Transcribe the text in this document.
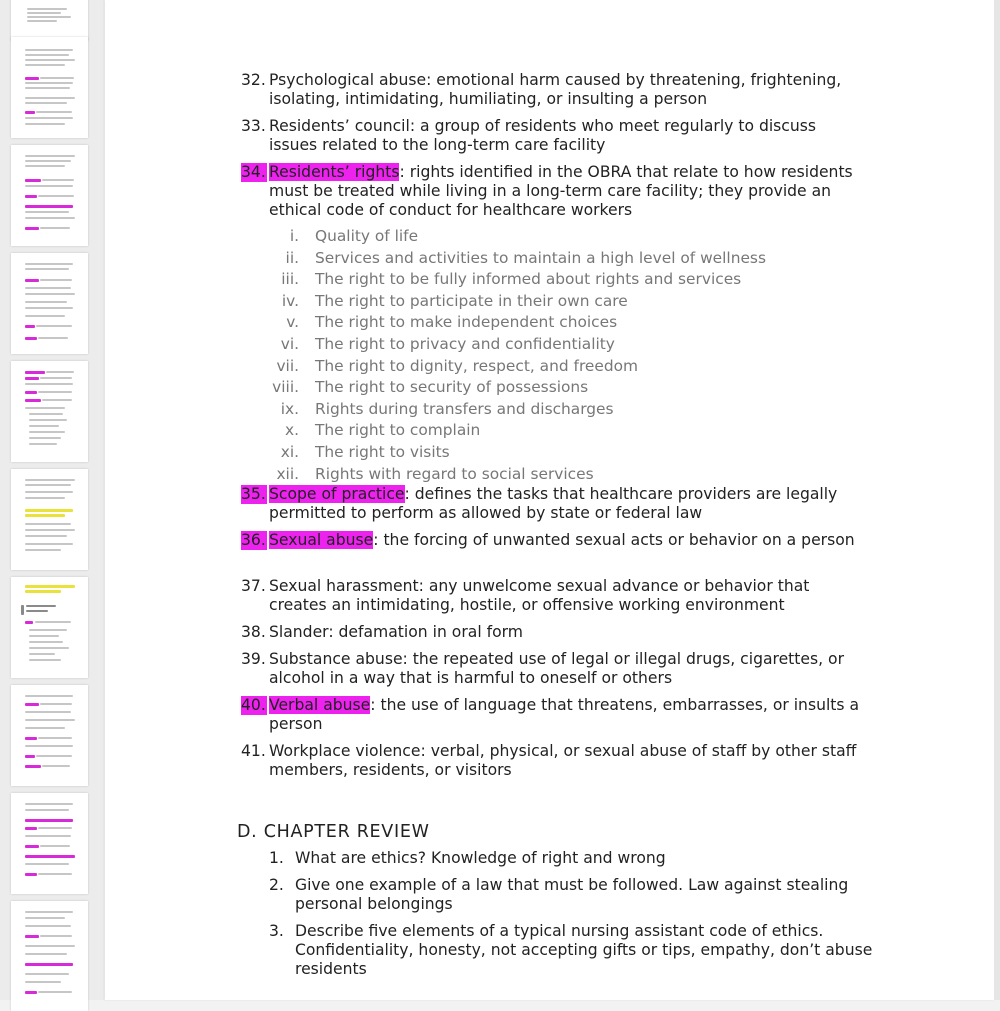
32. Psychological abuse: emotional harm caused by threatening, frightening, isolating, intimidating, humiliating, or insulting a person
33. Residents’ council: a group of residents who meet regularly to discuss issues related to the long-term care facility
34. Residents’ rights: rights identified in the OBRA that relate to how residents must be treated while living in a long-term care facility; they provide an ethical code of conduct for healthcare workers
i. Quality of life
ii. Services and activities to maintain a high level of wellness
iii. The right to be fully informed about rights and services
iv. The right to participate in their own care
v. The right to make independent choices
vi. The right to privacy and confidentiality
vii. The right to dignity, respect, and freedom
viii. The right to security of possessions
ix. Rights during transfers and discharges
x. The right to complain
xi. The right to visits
xii. Rights with regard to social services
35. Scope of practice: defines the tasks that healthcare providers are legally permitted to perform as allowed by state or federal law
36. Sexual abuse: the forcing of unwanted sexual acts or behavior on a person
37. Sexual harassment: any unwelcome sexual advance or behavior that creates an intimidating, hostile, or offensive working environment
38. Slander: defamation in oral form
39. Substance abuse: the repeated use of legal or illegal drugs, cigarettes, or alcohol in a way that is harmful to oneself or others
40. Verbal abuse: the use of language that threatens, embarrasses, or insults a person
41. Workplace violence: verbal, physical, or sexual abuse of staff by other staff members, residents, or visitors
D. CHAPTER REVIEW
1. What are ethics? Knowledge of right and wrong
2. Give one example of a law that must be followed. Law against stealing personal belongings
3. Describe five elements of a typical nursing assistant code of ethics. Confidentiality, honesty, not accepting gifts or tips, empathy, don’t abuse residents
